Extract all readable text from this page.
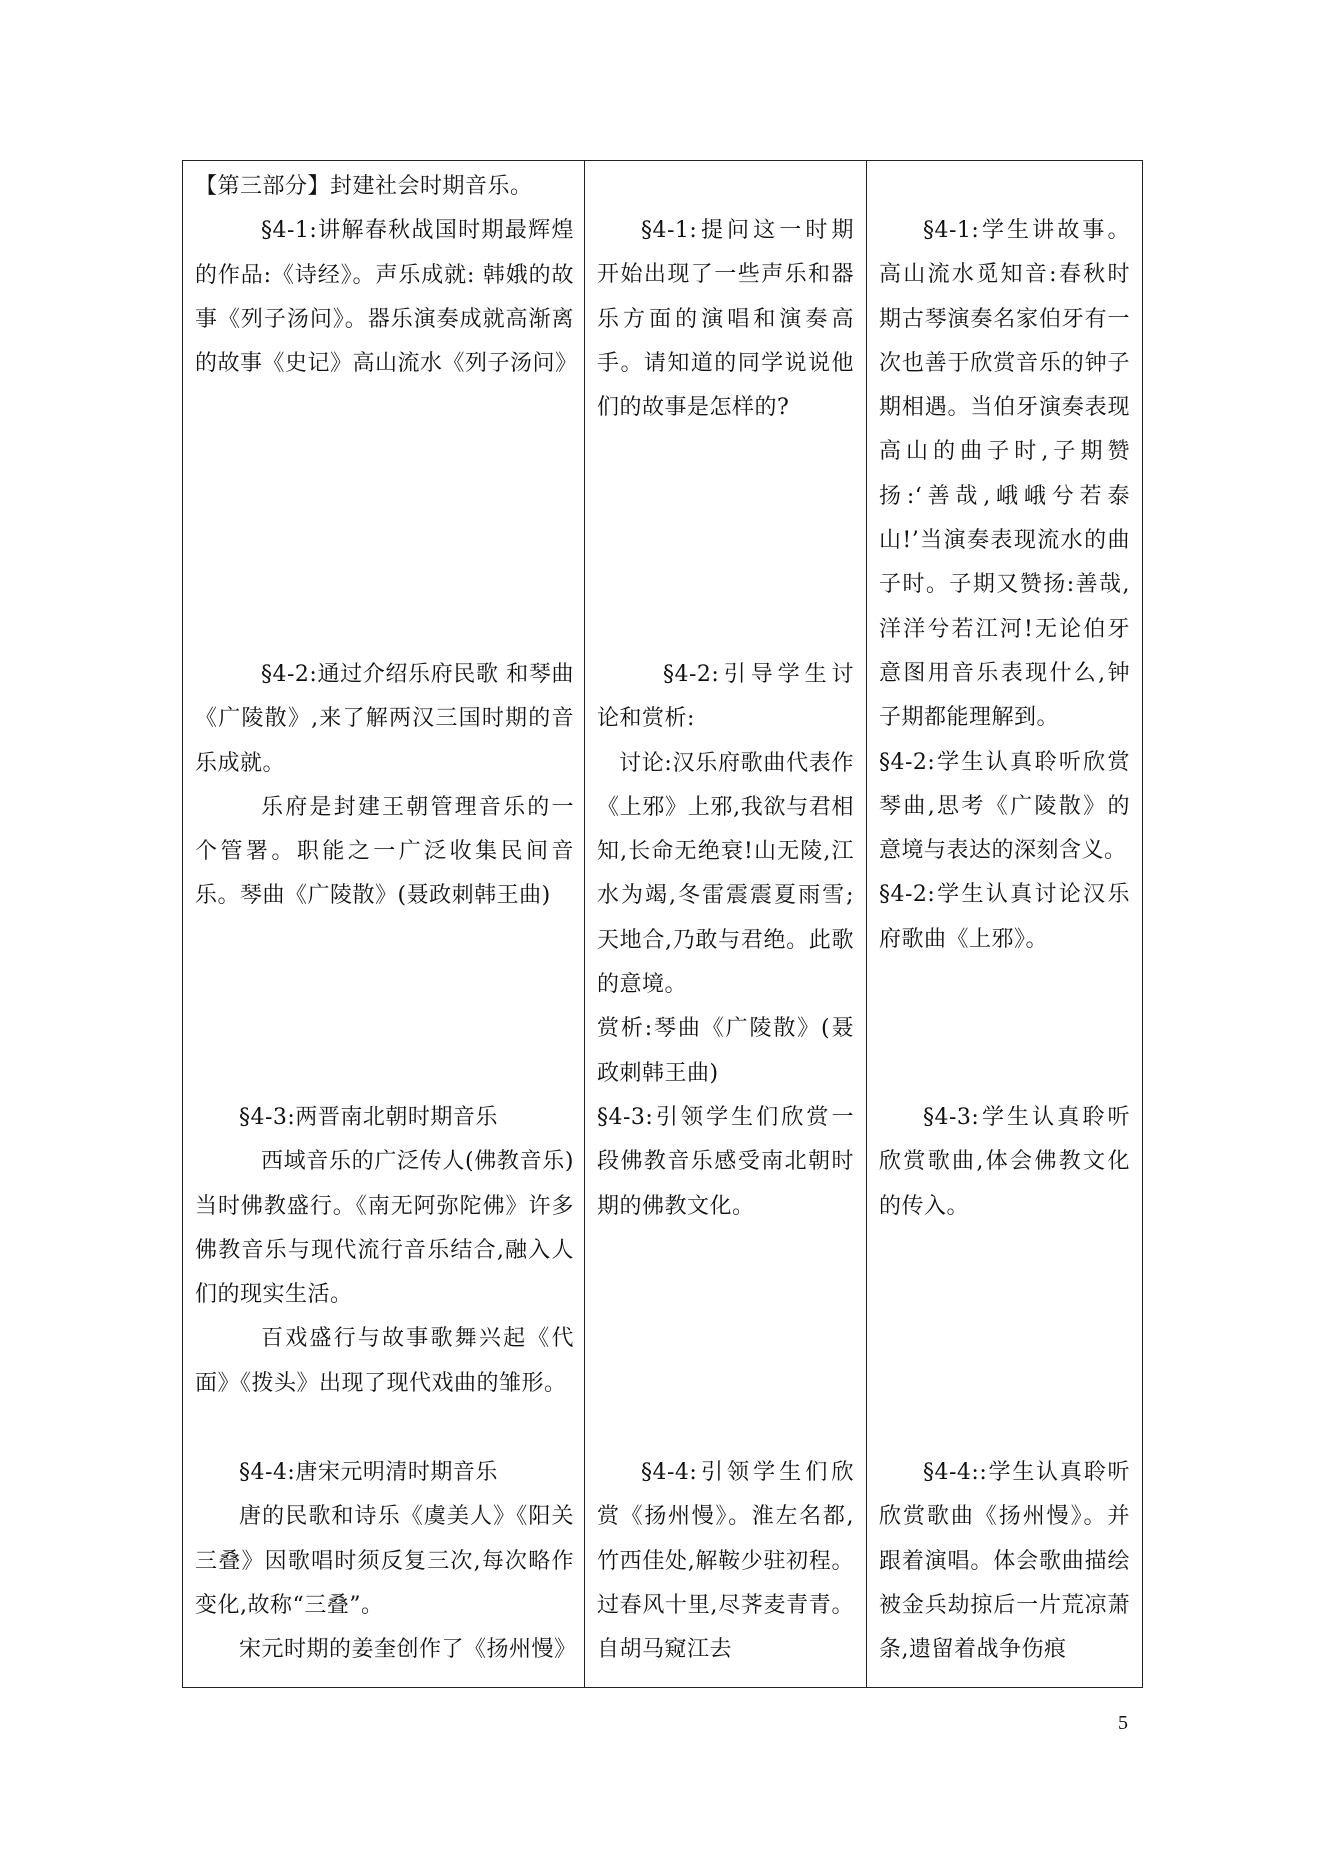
【第三部分】封建社会时期音乐。

§4-1:讲解春秋战国时期最辉煌的作品:《诗经》。声乐成就: 韩娥的故事《列子汤问》。器乐演奏成就高渐离的故事《史记》高山流水《列子汤问》

§4-2:通过介绍乐府民歌 和琴曲《广陵散》,来了解两汉三国时期的音乐成就。

乐府是封建王朝管理音乐的一个管署。职能之一广泛收集民间音乐。琴曲《广陵散》(聂政刺韩王曲)

§4-3:两晋南北朝时期音乐

西域音乐的广泛传人(佛教音乐)当时佛教盛行。《南无阿弥陀佛》许多佛教音乐与现代流行音乐结合,融入人们的现实生活。

百戏盛行与故事歌舞兴起《代面》《拨头》出现了现代戏曲的雏形。

§4-4:唐宋元明清时期音乐

唐的民歌和诗乐《虞美人》《阳关三叠》因歌唱时须反复三次,每次略作变化,故称“三叠”。

宋元时期的姜奎创作了《扬州慢》

§4-1:提问这一时期开始出现了一些声乐和器乐方面的演唱和演奏高手。请知道的同学说说他们的故事是怎样的?

§4-2:引导学生讨论和赏析:

讨论:汉乐府歌曲代表作《上邪》上邪,我欲与君相知,长命无绝衰!山无陵,江水为竭,冬雷震震夏雨雪;天地合,乃敢与君绝。此歌的意境。

赏析:琴曲《广陵散》(聂政刺韩王曲)

§4-3:引领学生们欣赏一段佛教音乐感受南北朝时期的佛教文化。

§4-4:引领学生们欣赏《扬州慢》。淮左名都,竹西佳处,解鞍少驻初程。过春风十里,尽荠麦青青。自胡马窥江去

§4-1:学生讲故事。高山流水觅知音:春秋时期古琴演奏名家伯牙有一次也善于欣赏音乐的钟子期相遇。当伯牙演奏表现高山的曲子时,子期赞扬:‘善哉,峨峨兮若泰山!’当演奏表现流水的曲子时。子期又赞扬:善哉,洋洋兮若江河!无论伯牙意图用音乐表现什么,钟子期都能理解到。

§4-2:学生认真聆听欣赏琴曲,思考《广陵散》的意境与表达的深刻含义。

§4-2:学生认真讨论汉乐府歌曲《上邪》。

§4-3:学生认真聆听欣赏歌曲,体会佛教文化的传入。

§4-4::学生认真聆听欣赏歌曲《扬州慢》。并跟着演唱。体会歌曲描绘被金兵劫掠后一片荒凉萧条,遗留着战争伤痕

5
